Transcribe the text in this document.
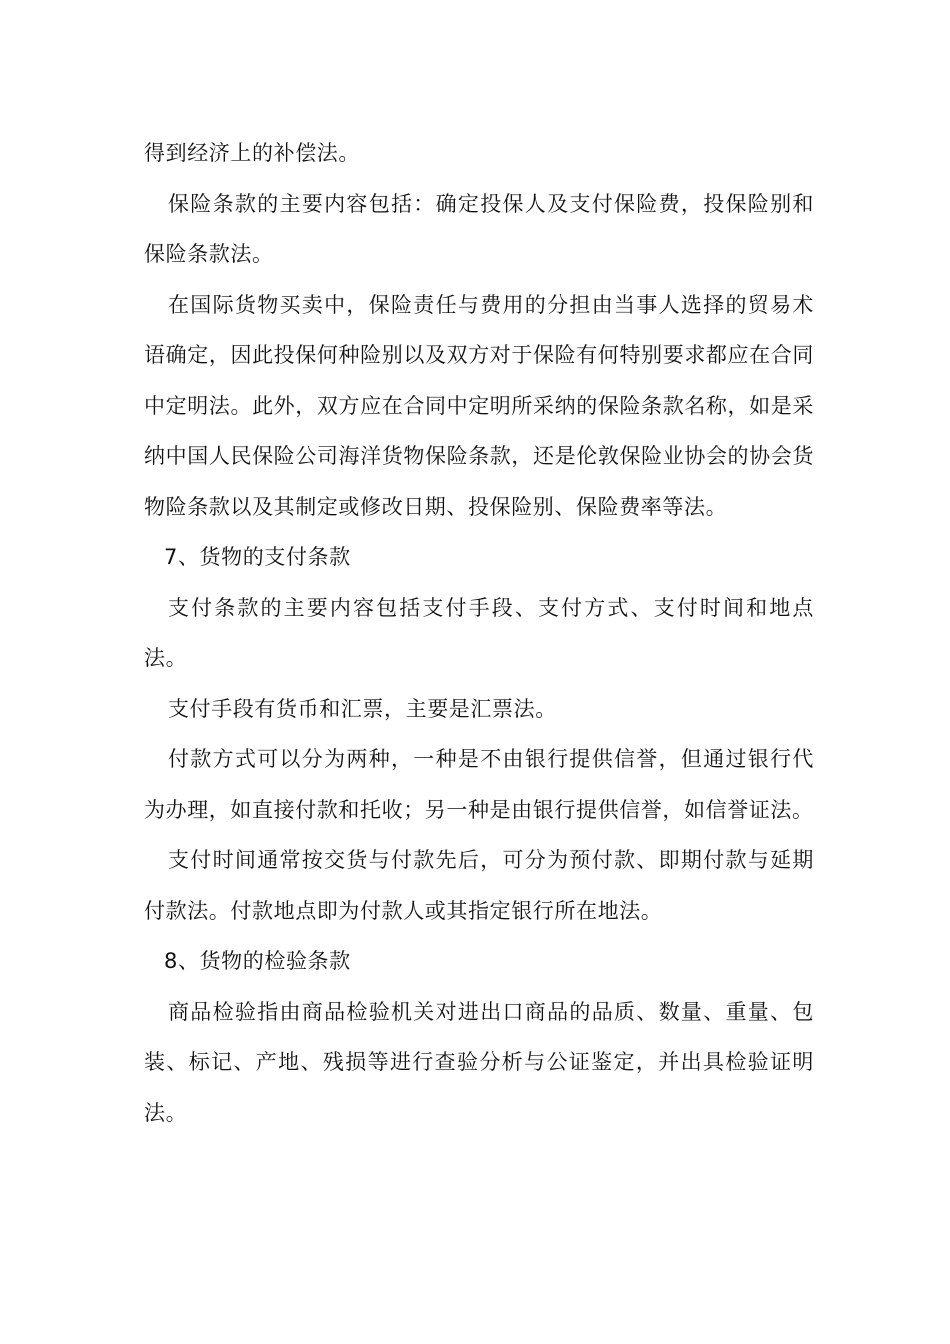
得到经济上的补偿法。

保险条款的主要内容包括：确定投保人及支付保险费，投保险别和保险条款法。

在国际货物买卖中，保险责任与费用的分担由当事人选择的贸易术语确定，因此投保何种险别以及双方对于保险有何特别要求都应在合同中定明法。此外，双方应在合同中定明所采纳的保险条款名称，如是采纳中国人民保险公司海洋货物保险条款，还是伦敦保险业协会的协会货物险条款以及其制定或修改日期、投保险别、保险费率等法。

7、货物的支付条款

支付条款的主要内容包括支付手段、支付方式、支付时间和地点法。

支付手段有货币和汇票，主要是汇票法。

付款方式可以分为两种，一种是不由银行提供信誉，但通过银行代为办理，如直接付款和托收；另一种是由银行提供信誉，如信誉证法。

支付时间通常按交货与付款先后，可分为预付款、即期付款与延期付款法。付款地点即为付款人或其指定银行所在地法。

8、货物的检验条款

商品检验指由商品检验机关对进出口商品的品质、数量、重量、包装、标记、产地、残损等进行查验分析与公证鉴定，并出具检验证明法。
